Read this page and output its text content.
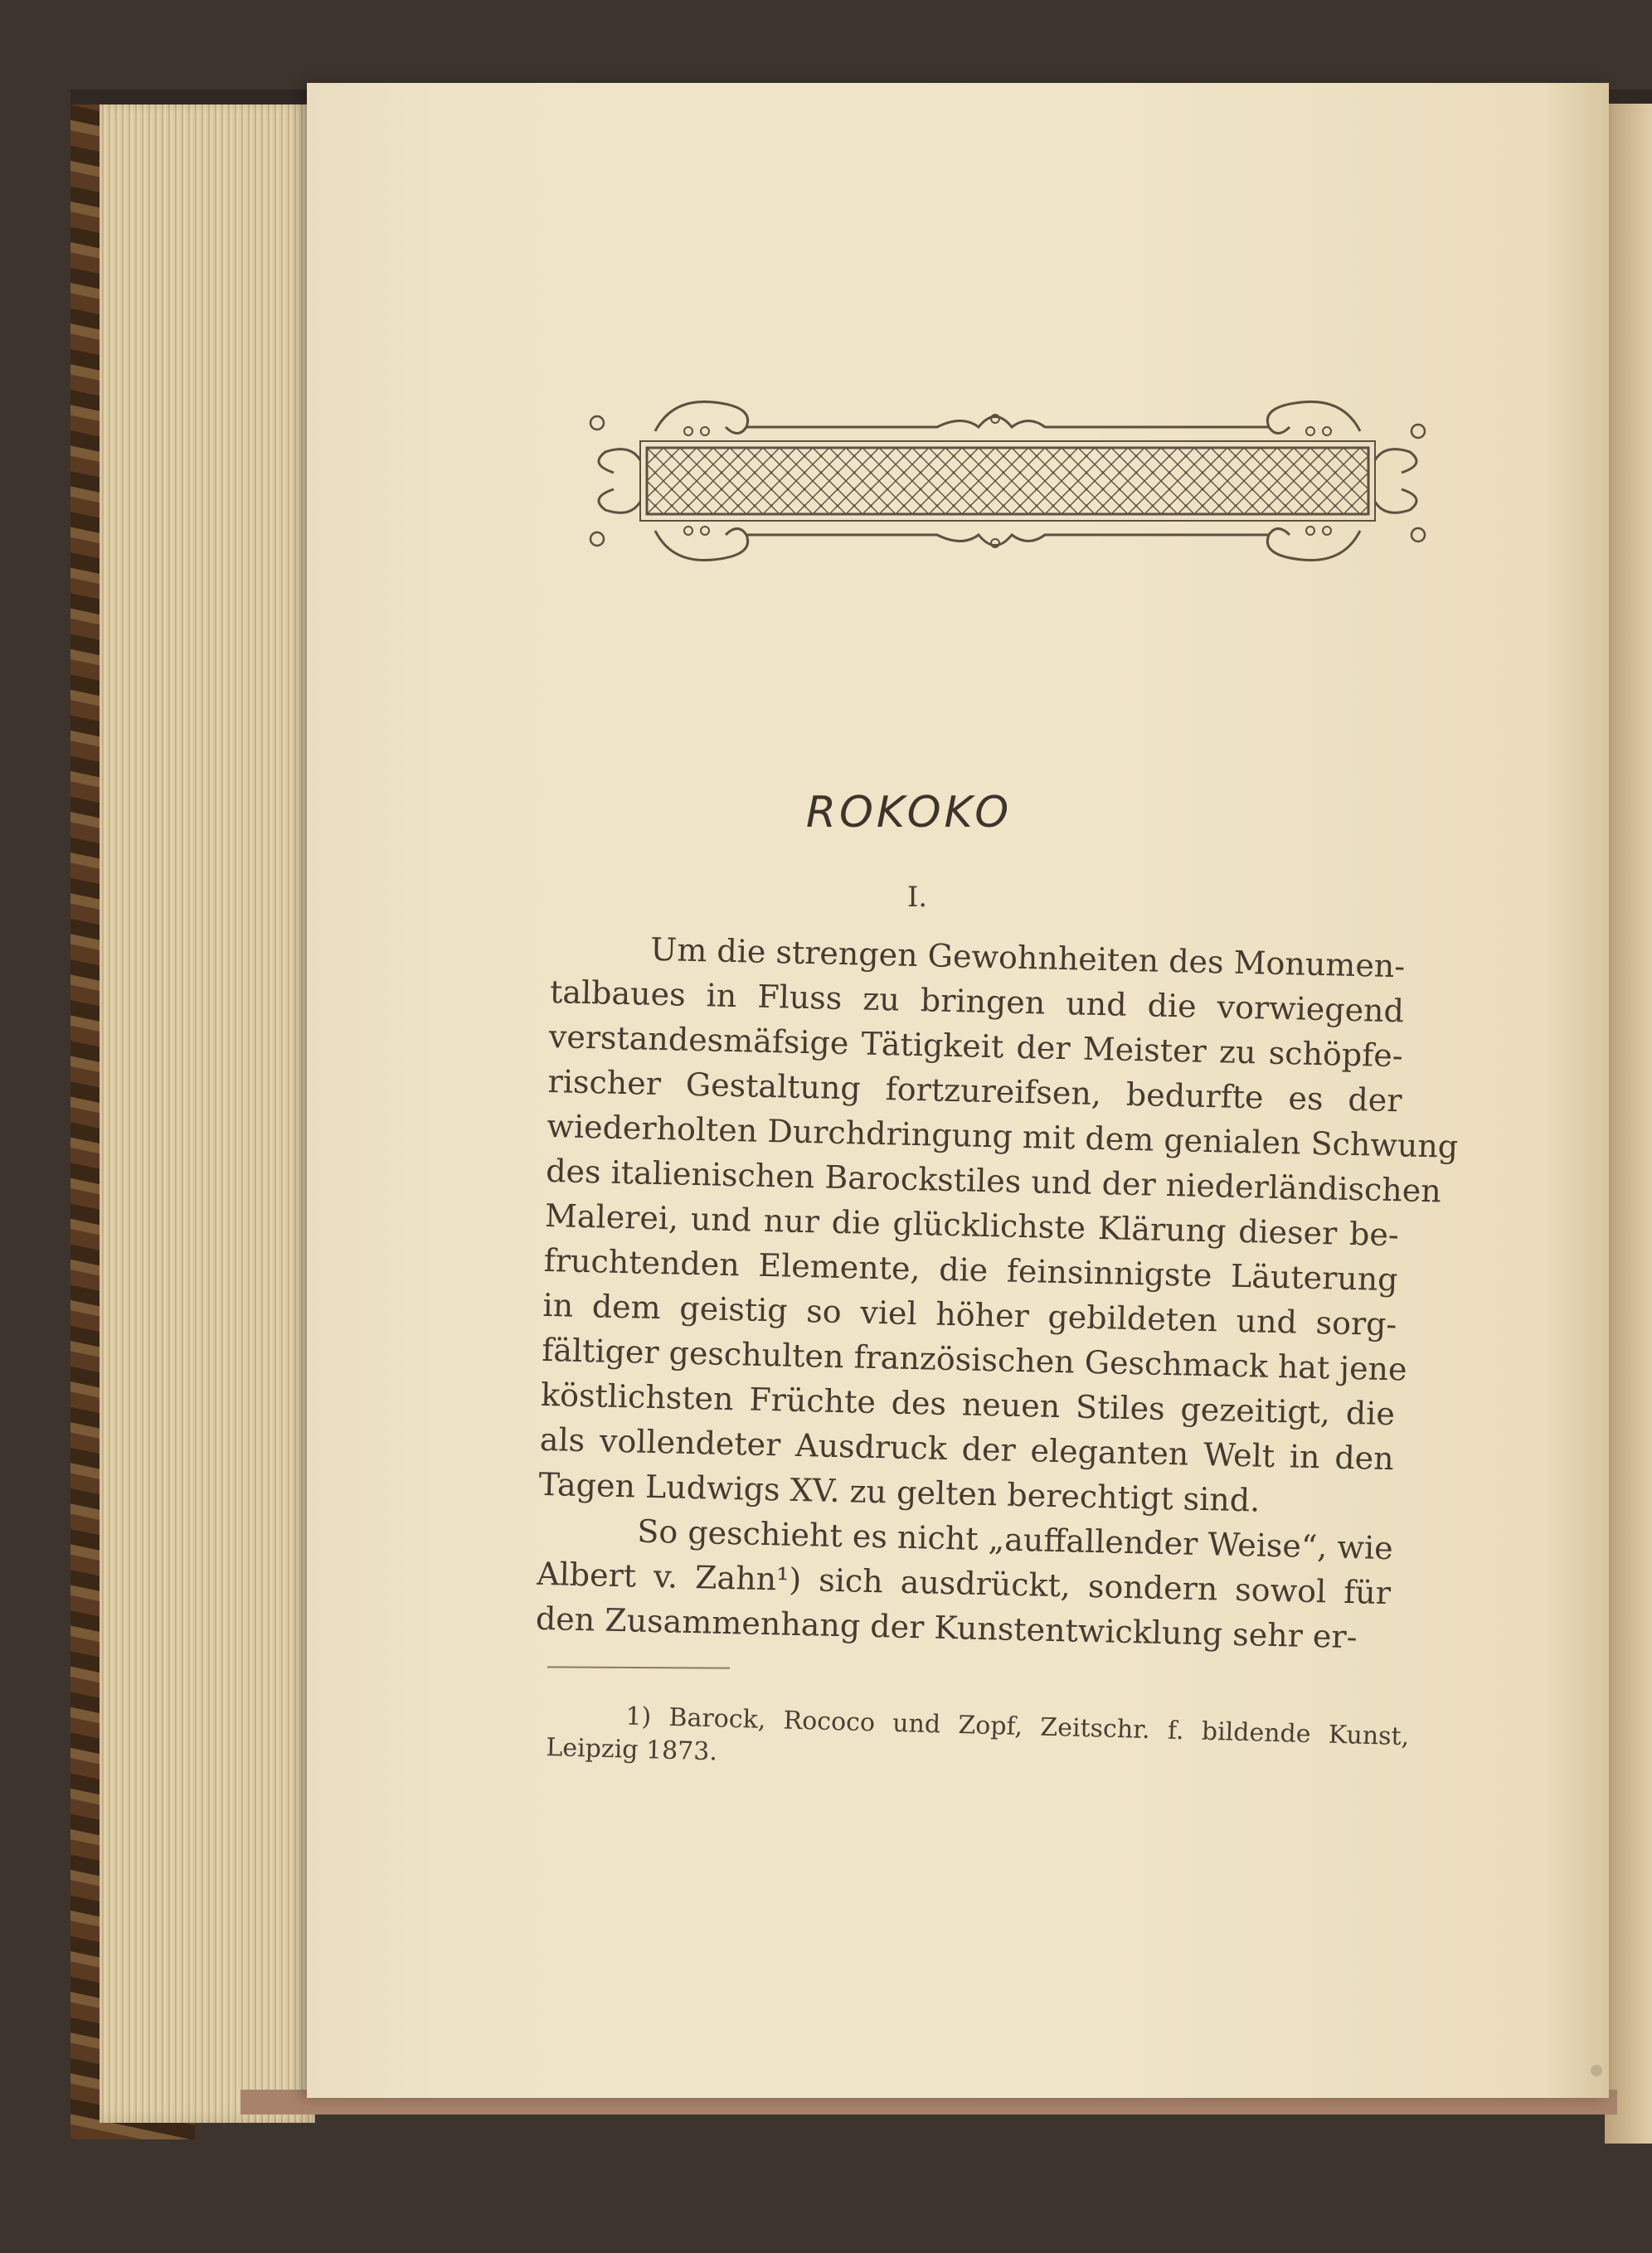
ROKOKO
I.
Um die strengen Gewohnheiten des Monumen-
talbaues in Fluss zu bringen und die vorwiegend
verstandesmäfsige Tätigkeit der Meister zu schöpfe-
rischer Gestaltung fortzureifsen, bedurfte es der
wiederholten Durchdringung mit dem genialen Schwung
des italienischen Barockstiles und der niederländischen
Malerei, und nur die glücklichste Klärung dieser be-
fruchtenden Elemente, die feinsinnigste Läuterung
in dem geistig so viel höher gebildeten und sorg-
fältiger geschulten französischen Geschmack hat jene
köstlichsten Früchte des neuen Stiles gezeitigt, die
als vollendeter Ausdruck der eleganten Welt in den
Tagen Ludwigs XV. zu gelten berechtigt sind.
So geschieht es nicht „auffallender Weise“, wie
Albert v. Zahn¹) sich ausdrückt, sondern sowol für
den Zusammenhang der Kunstentwicklung sehr er-
1) Barock, Rococo und Zopf, Zeitschr. f. bildende Kunst,
Leipzig 1873.
